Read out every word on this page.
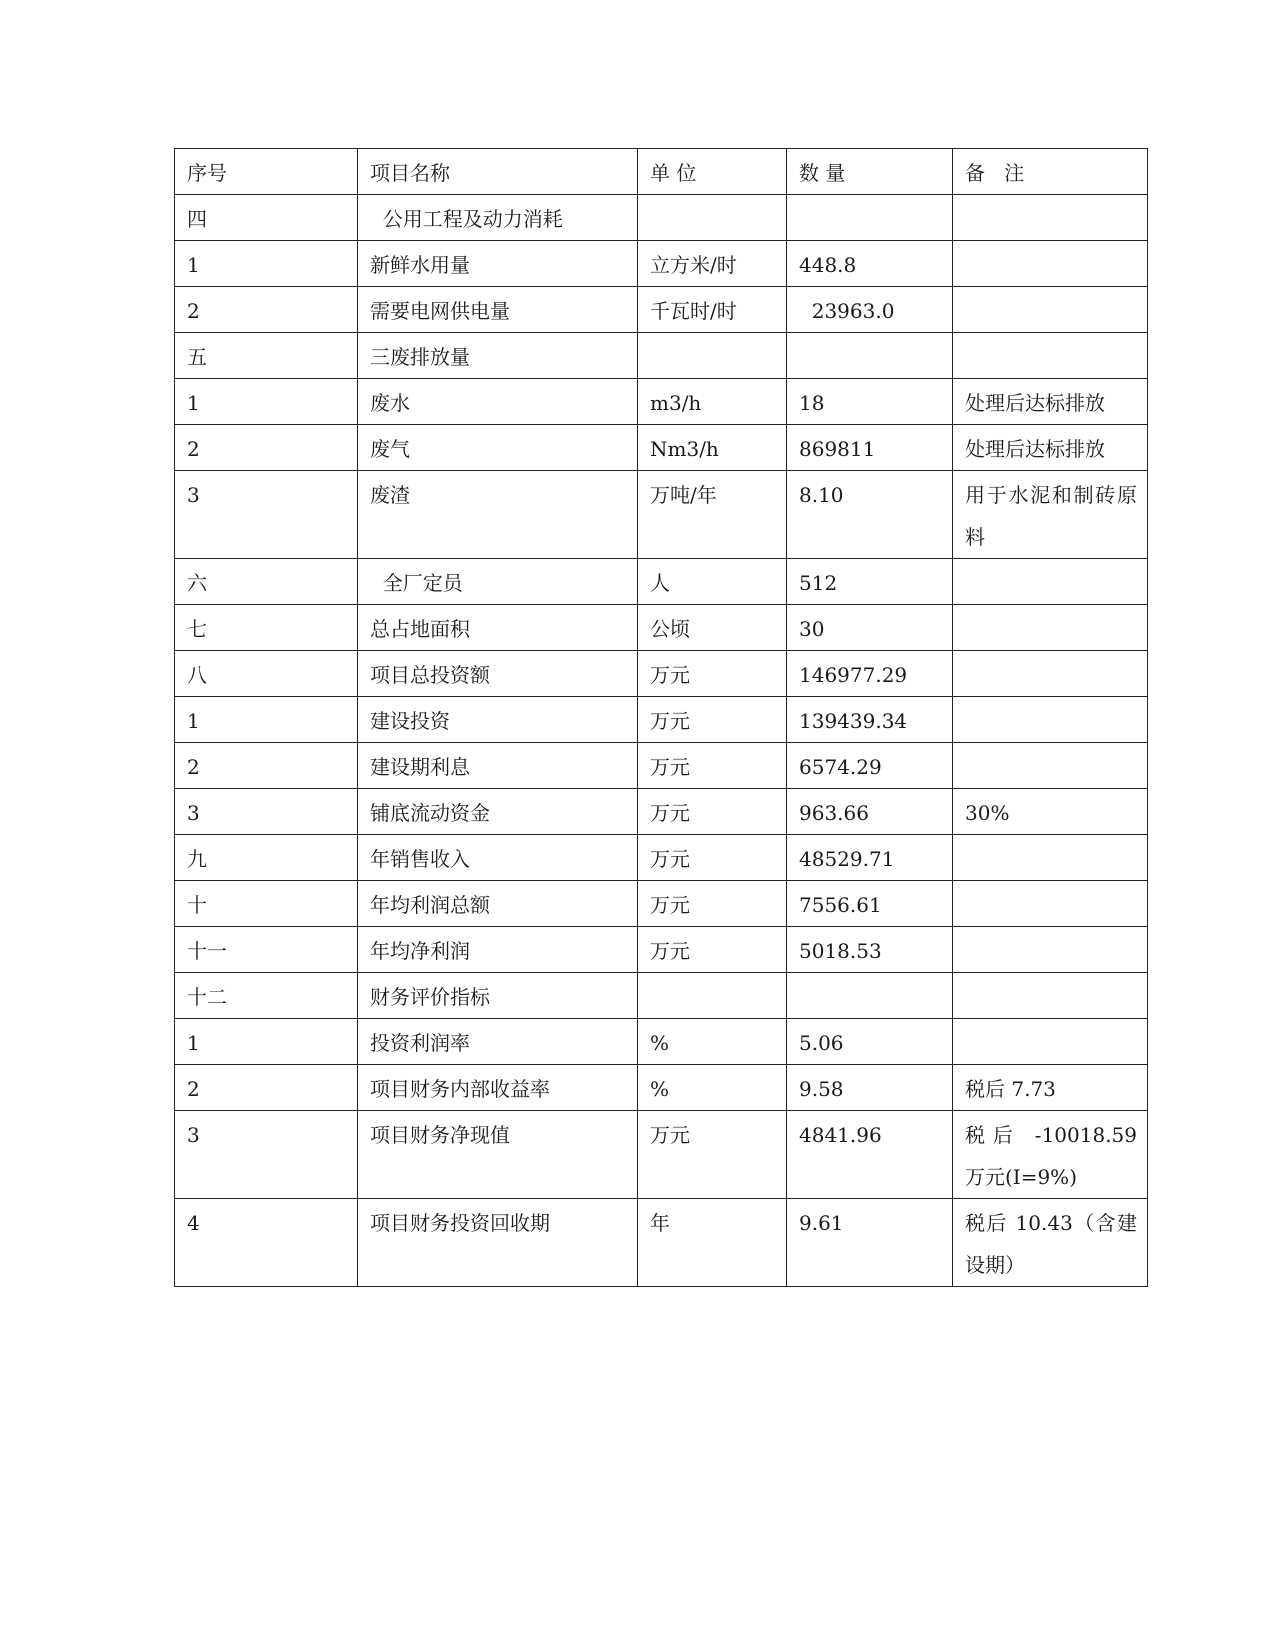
序号	项目名称	单 位	数 量	备   注
四	公用工程及动力消耗			
1	新鲜水用量	立方米/时	448.8	
2	需要电网供电量	千瓦时/时	23963.0	
五	三废排放量			
1	废水	m3/h	18	处理后达标排放
2	废气	Nm3/h	869811	处理后达标排放
3	废渣	万吨/年	8.10	用于水泥和制砖原料
六	全厂定员	人	512	
七	总占地面积	公顷	30	
八	项目总投资额	万元	146977.29	
1	建设投资	万元	139439.34	
2	建设期利息	万元	6574.29	
3	铺底流动资金	万元	963.66	30%
九	年销售收入	万元	48529.71	
十	年均利润总额	万元	7556.61	
十一	年均净利润	万元	5018.53	
十二	财务评价指标			
1	投资利润率	%	5.06	
2	项目财务内部收益率	%	9.58	税后 7.73
3	项目财务净现值	万元	4841.96	税后 -10018.59 万元(I=9%)
4	项目财务投资回收期	年	9.61	税后 10.43（含建设期）
